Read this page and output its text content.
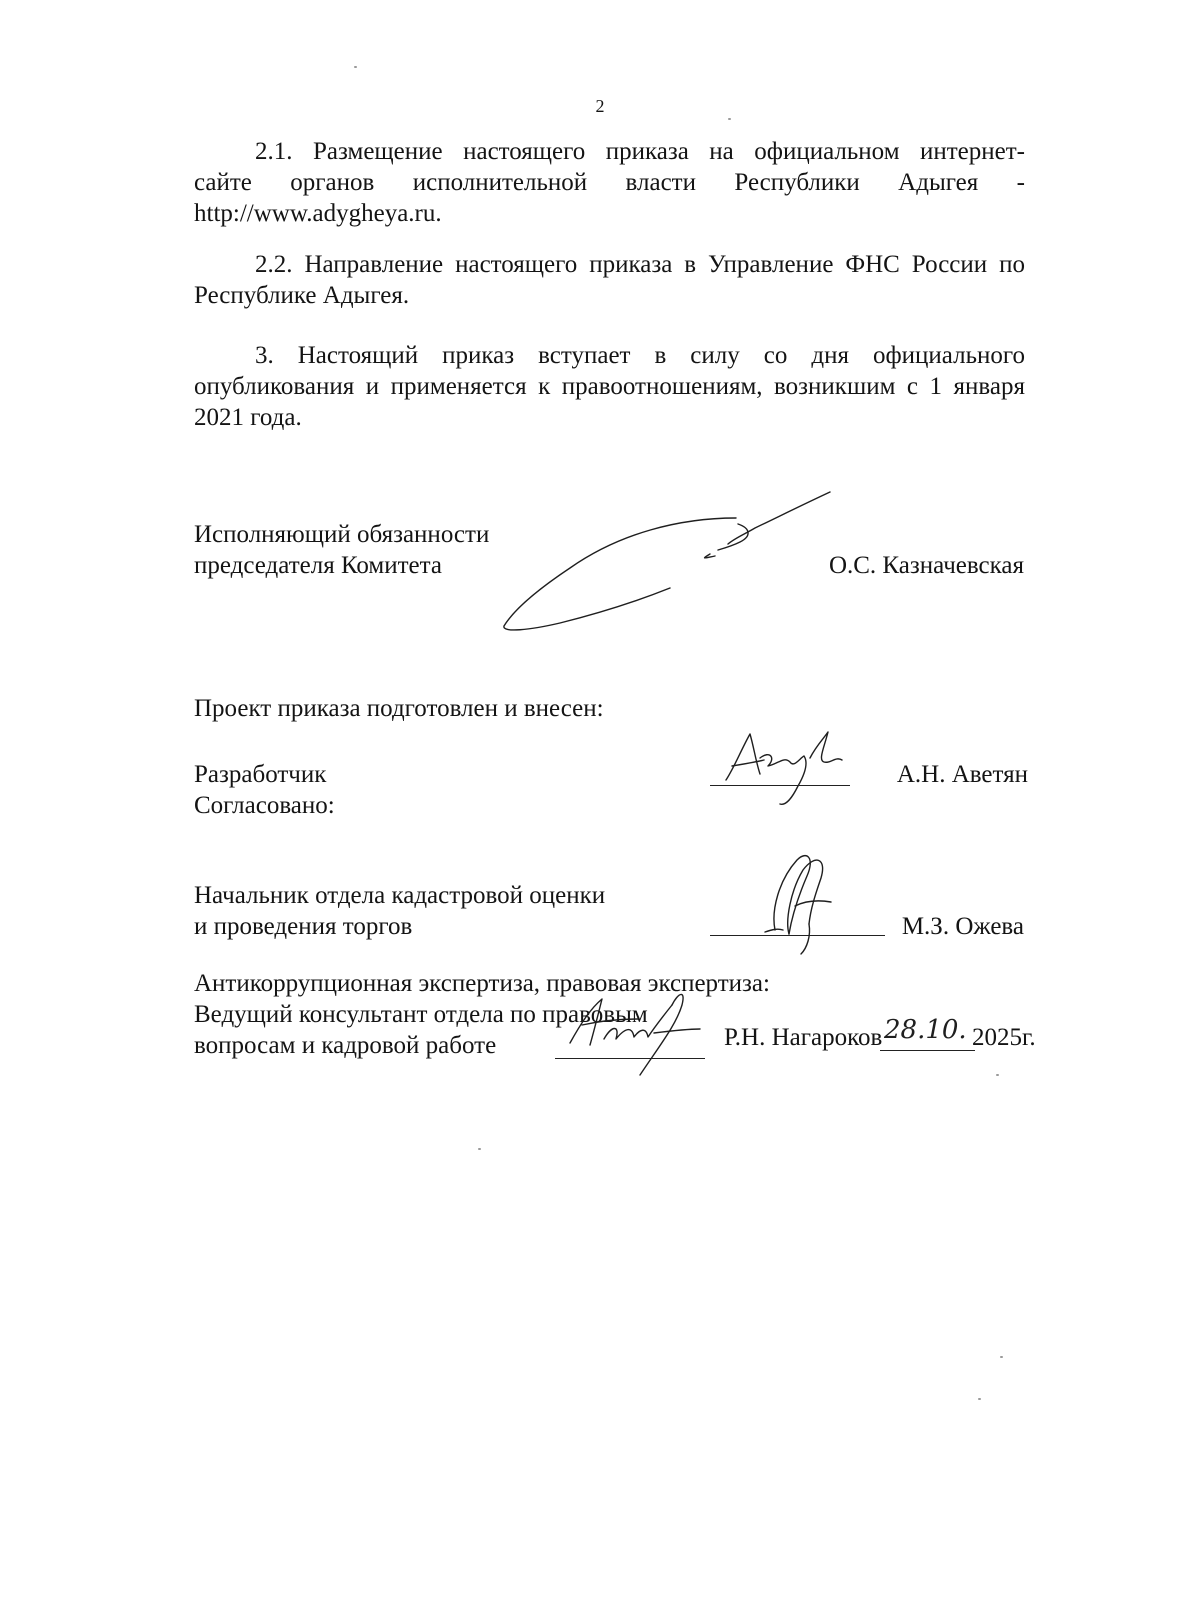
2
2.1. Размещение настоящего приказа на официальном интернет-
сайте органов исполнительной власти Республики Адыгея -
http://www.adygheya.ru.
2.2. Направление настоящего приказа в Управление ФНС России по
Республике Адыгея.
3. Настоящий приказ вступает в силу со дня официального
опубликования и применяется к правоотношениям, возникшим с 1 января
2021 года.
Исполняющий обязанности
председателя Комитета	О.С. Казначевская
Проект приказа подготовлен и внесен:
Разработчик
Согласовано:
А.Н. Аветян
Начальник отдела кадастровой оценки
и проведения торгов	М.З. Ожева
Антикоррупционная экспертиза, правовая экспертиза:
Ведущий консультант отдела по правовым
вопросам и кадровой работе	Р.Н. Нагароков 28.10. 2025г.
